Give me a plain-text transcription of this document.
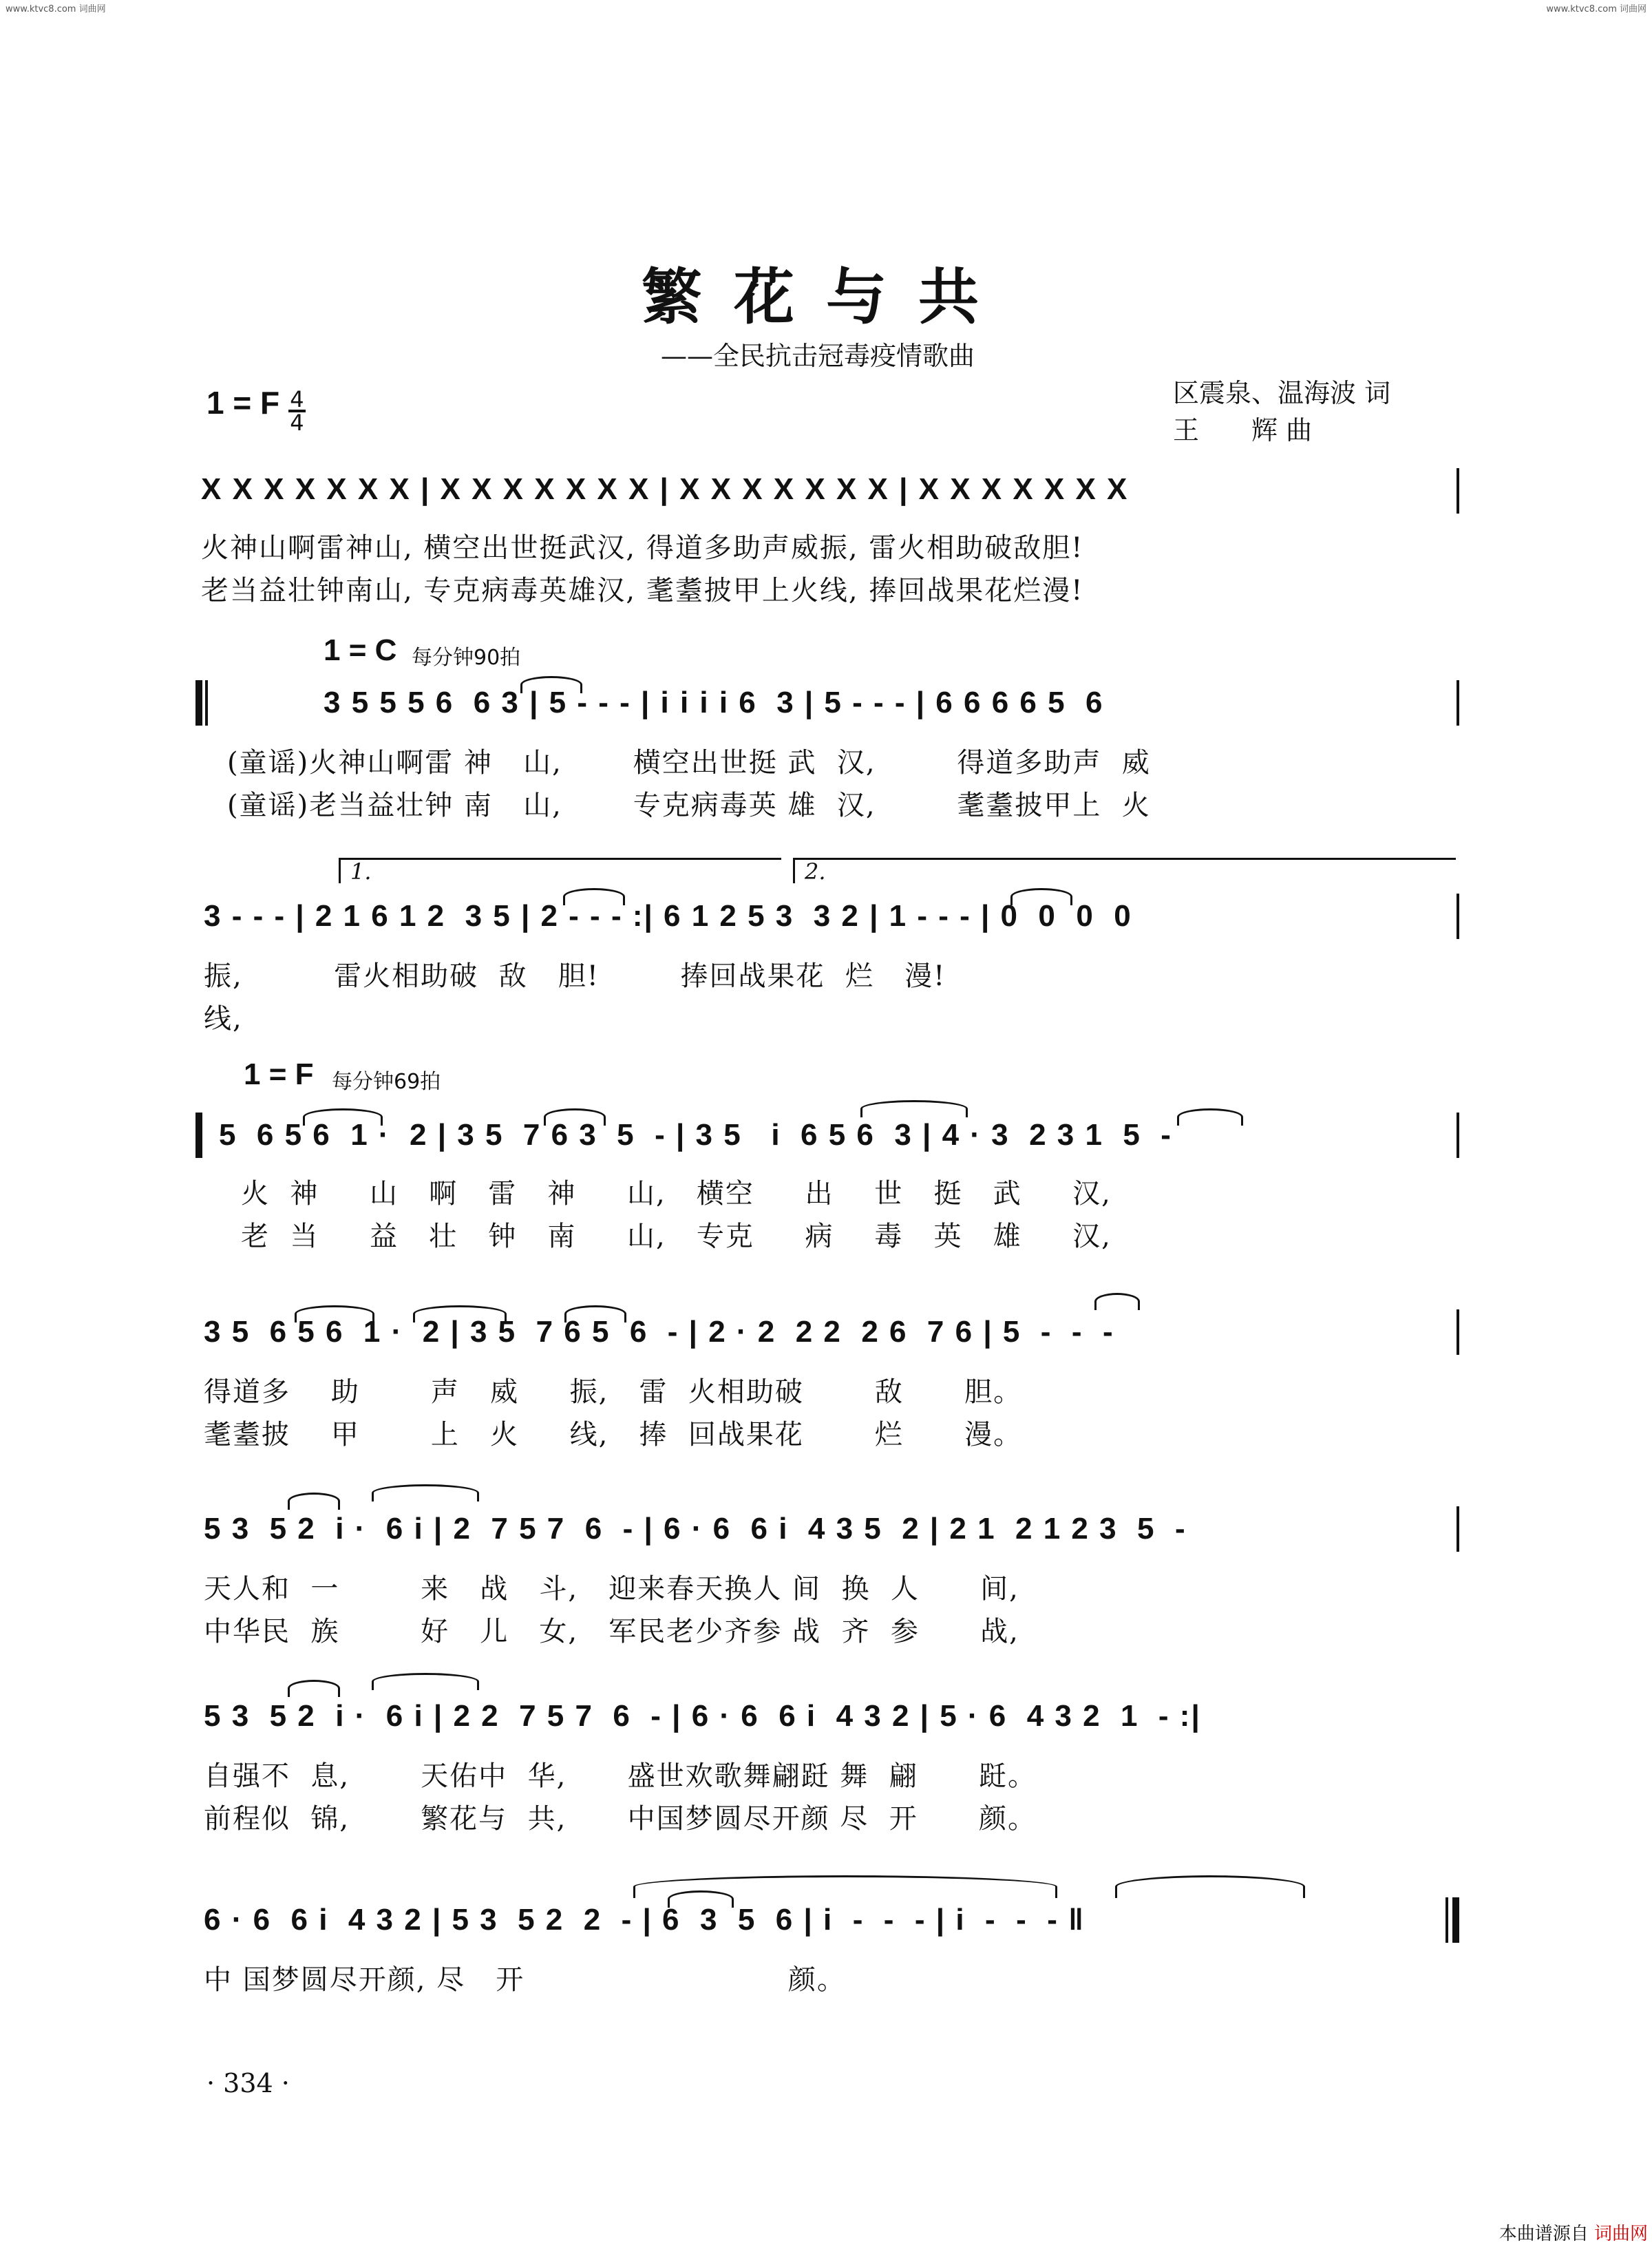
www.ktvc8.com 词曲网	www.ktvc8.com 词曲网
繁花与共
——全民抗击冠毒疫情歌曲
区震泉、温海波 词
王　　辉 曲
1 = F $\frac{4}{4}$
X X X X X X X | X X X X X X X | X X X X X X X | X X X X X X X
火神山啊雷神山, 横空出世挺武汉, 得道多助声威振, 雷火相助破敌胆!
老当益壮钟南山, 专克病毒英雄汉, 耄耋披甲上火线, 捧回战果花烂漫!
1 = C 每分钟90拍
3 5 5 5 6  6 3 | 5 - - - | i i i i 6  3 | 5 - - - | 6 6 6 6 5  6
(童谣)火神山啊雷 神   山,       横空出世挺 武  汉,        得道多助声  威
(童谣)老当益壮钟 南   山,       专克病毒英 雄  汉,        耄耋披甲上  火
1.	2.
3 - - - | 2 1 6 1 2  3 5 | 2 - - - :| 6 1 2 5 3  3 2 | 1 - - - | 0  0  0  0
振,         雷火相助破  敌   胆!        捧回战果花  烂   漫!
线,
1 = F 每分钟69拍
5  6 5 6  1 ·  2 | 3 5  7 6 3  5  - | 3 5   i  6 5 6  3 | 4 · 3  2 3 1  5  -
火  神     山   啊   雷   神     山,   横空     出    世   挺   武     汉,
老  当     益   壮   钟   南     山,   专克     病    毒   英   雄     汉,
3 5  6 5 6  1 ·  2 | 3 5  7 6 5  6  - | 2 · 2  2 2  2 6  7 6 | 5  -  -  -
得道多    助       声   威     振,   雷  火相助破       敌      胆。
耄耋披    甲       上   火     线,   捧  回战果花       烂      漫。
5 3  5 2  i ·  6 i | 2  7 5 7  6  - | 6 · 6  6 i  4 3 5  2 | 2 1  2 1 2 3  5  -
天人和  一        来   战   斗,   迎来春天换人 间  换  人      间,
中华民  族        好   儿   女,   军民老少齐参 战  齐  参      战,
5 3  5 2  i ·  6 i | 2 2  7 5 7  6  - | 6 · 6  6 i  4 3 2 | 5 · 6  4 3 2  1  - :|
自强不  息,       天佑中  华,      盛世欢歌舞翩跹 舞  翩      跹。
前程似  锦,       繁花与  共,      中国梦圆尽开颜 尽  开      颜。
6 · 6  6 i  4 3 2 | 5 3  5 2  2  - | 6  3  5  6 | i  -  -  - | i  -  -  - ‖
中 国梦圆尽开颜, 尽   开                          颜。
· 334 ·
本曲谱源自 词曲网
